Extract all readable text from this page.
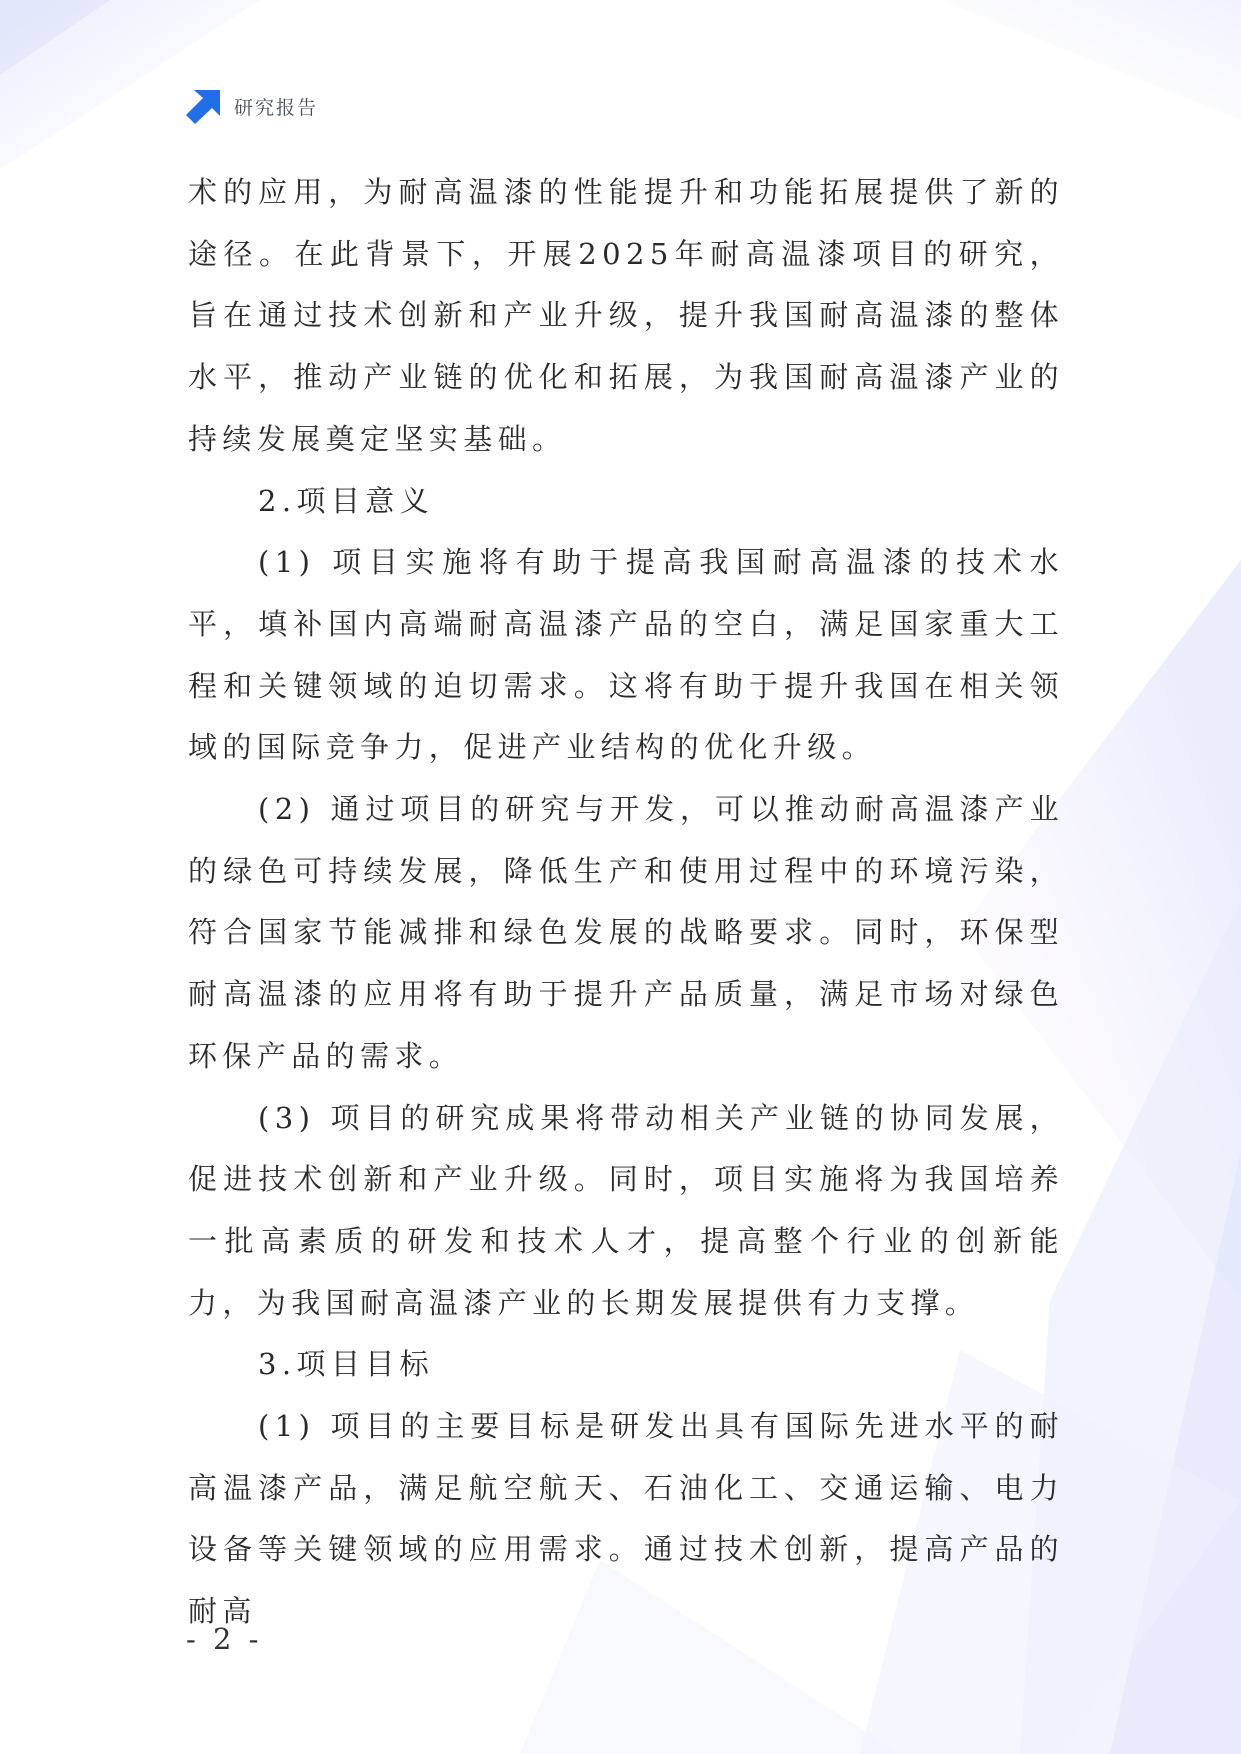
研究报告

术的应用，为耐高温漆的性能提升和功能拓展提供了新的途径。在此背景下，开展2025年耐高温漆项目的研究，旨在通过技术创新和产业升级，提升我国耐高温漆的整体水平，推动产业链的优化和拓展，为我国耐高温漆产业的持续发展奠定坚实基础。

2.项目意义

(1) 项目实施将有助于提高我国耐高温漆的技术水平，填补国内高端耐高温漆产品的空白，满足国家重大工程和关键领域的迫切需求。这将有助于提升我国在相关领域的国际竞争力，促进产业结构的优化升级。

(2) 通过项目的研究与开发，可以推动耐高温漆产业的绿色可持续发展，降低生产和使用过程中的环境污染，符合国家节能减排和绿色发展的战略要求。同时，环保型耐高温漆的应用将有助于提升产品质量，满足市场对绿色环保产品的需求。

(3) 项目的研究成果将带动相关产业链的协同发展，促进技术创新和产业升级。同时，项目实施将为我国培养一批高素质的研发和技术人才，提高整个行业的创新能力，为我国耐高温漆产业的长期发展提供有力支撑。

3.项目目标

(1) 项目的主要目标是研发出具有国际先进水平的耐高温漆产品，满足航空航天、石油化工、交通运输、电力设备等关键领域的应用需求。通过技术创新，提高产品的耐高

- 2 -
